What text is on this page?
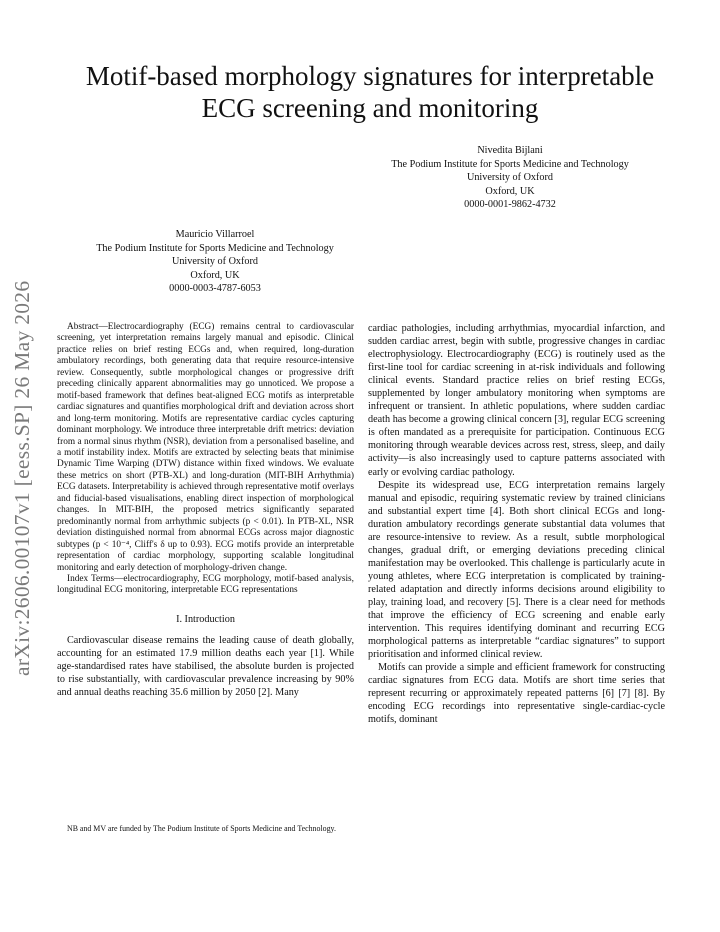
arXiv:2606.00107v1 [eess.SP] 26 May 2026
Motif-based morphology signatures for interpretable
ECG screening and monitoring
Nivedita Bijlani
The Podium Institute for Sports Medicine and Technology
University of Oxford
Oxford, UK
0000-0001-9862-4732
Mauricio Villarroel
The Podium Institute for Sports Medicine and Technology
University of Oxford
Oxford, UK
0000-0003-4787-6053

Abstract—Electrocardiography (ECG) remains central to cardiovascular screening, yet interpretation remains largely manual and episodic. Clinical practice relies on brief resting ECGs and, when required, long-duration ambulatory recordings, both generating data that require resource-intensive review. Consequently, subtle morphological changes or progressive drift preceding clinically apparent abnormalities may go unnoticed. We propose a motif-based framework that defines beat-aligned ECG motifs as interpretable cardiac signatures and quantifies morphological drift and deviation across short and long-term monitoring. Motifs are representative cardiac cycles capturing dominant morphology. We introduce three interpretable drift metrics: deviation from a normal sinus rhythm (NSR), deviation from a personalised baseline, and a motif instability index. Motifs are extracted by selecting beats that minimise Dynamic Time Warping (DTW) distance within fixed windows. We evaluate these metrics on short (PTB-XL) and long-duration (MIT-BIH Arrhythmia) ECG datasets. Interpretability is achieved through representative motif overlays and fiducial-based visualisations, enabling direct inspection of morphological changes. In MIT-BIH, the proposed metrics significantly separated predominantly normal from arrhythmic subjects (p < 0.01). In PTB-XL, NSR deviation distinguished normal from abnormal ECGs across major diagnostic subtypes (p < 10⁻⁴, Cliff's δ up to 0.93). ECG motifs provide an interpretable representation of cardiac morphology, supporting scalable longitudinal monitoring and early detection of morphology-driven change.

Index Terms—electrocardiography, ECG morphology, motif-based analysis, longitudinal ECG monitoring, interpretable ECG representations

I. Introduction

Cardiovascular disease remains the leading cause of death globally, accounting for an estimated 17.9 million deaths each year [1]. While age-standardised rates have stabilised, the absolute burden is projected to rise substantially, with cardiovascular prevalence increasing by 90% and annual deaths reaching 35.6 million by 2050 [2]. Many

NB and MV are funded by The Podium Institute of Sports Medicine and Technology.

cardiac pathologies, including arrhythmias, myocardial infarction, and sudden cardiac arrest, begin with subtle, progressive changes in cardiac electrophysiology. Electrocardiography (ECG) is routinely used as the first-line tool for cardiac screening in at-risk individuals and following clinical events. Standard practice relies on brief resting ECGs, supplemented by longer ambulatory monitoring when symptoms are infrequent or transient. In athletic populations, where sudden cardiac death has become a growing clinical concern [3], regular ECG screening is often mandated as a prerequisite for participation. Continuous ECG monitoring through wearable devices across rest, stress, sleep, and daily activity—is also increasingly used to capture patterns associated with early or evolving cardiac pathology.

Despite its widespread use, ECG interpretation remains largely manual and episodic, requiring systematic review by trained clinicians and substantial expert time [4]. Both short clinical ECGs and long-duration ambulatory recordings generate substantial data volumes that are resource-intensive to review. As a result, subtle morphological changes, gradual drift, or emerging deviations preceding clinical manifestation may be overlooked. This challenge is particularly acute in young athletes, where ECG interpretation is complicated by training-related adaptation and directly informs decisions around eligibility to play, training load, and recovery [5]. There is a clear need for methods that improve the efficiency of ECG screening and enable early intervention. This requires identifying dominant and recurring ECG morphological patterns as interpretable “cardiac signatures” to support prioritisation and informed clinical review.

Motifs can provide a simple and efficient framework for constructing cardiac signatures from ECG data. Motifs are short time series that represent recurring or approximately repeated patterns [6] [7] [8]. By encoding ECG recordings into representative single-cardiac-cycle motifs, dominant
